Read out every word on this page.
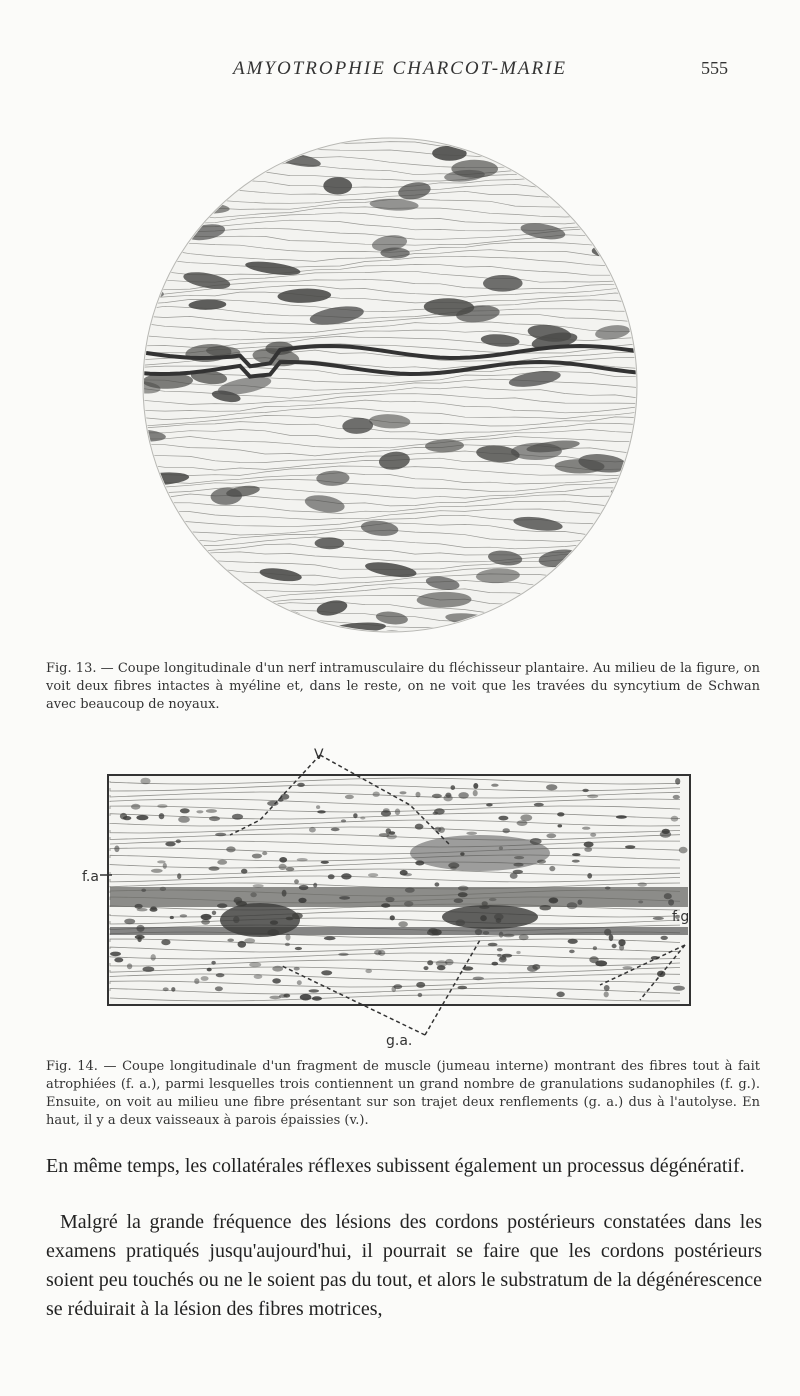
AMYOTROPHIE CHARCOT-MARIE	555
Fig. 13. — Coupe longitudinale d'un nerf intramusculaire du fléchisseur plantaire. Au milieu de la figure, on voit deux fibres intactes à myéline et, dans le reste, on ne voit que les travées du syncytium de Schwan avec beaucoup de noyaux.
V
f.a
f.g
g.a.
Fig. 14. — Coupe longitudinale d'un fragment de muscle (jumeau interne) montrant des fibres tout à fait atrophiées (f. a.), parmi lesquelles trois contiennent un grand nombre de granulations sudanophiles (f. g.). Ensuite, on voit au milieu une fibre présentant sur son trajet deux renflements (g. a.) dus à l'autolyse. En haut, il y a deux vaisseaux à parois épaissies (v.).
En même temps, les collatérales réflexes subissent également un processus dégénératif.
Malgré la grande fréquence des lésions des cordons postérieurs constatées dans les examens pratiqués jusqu'aujourd'hui, il pourrait se faire que les cordons postérieurs soient peu touchés ou ne le soient pas du tout, et alors le substratum de la dégénérescence se réduirait à la lésion des fibres motrices,
